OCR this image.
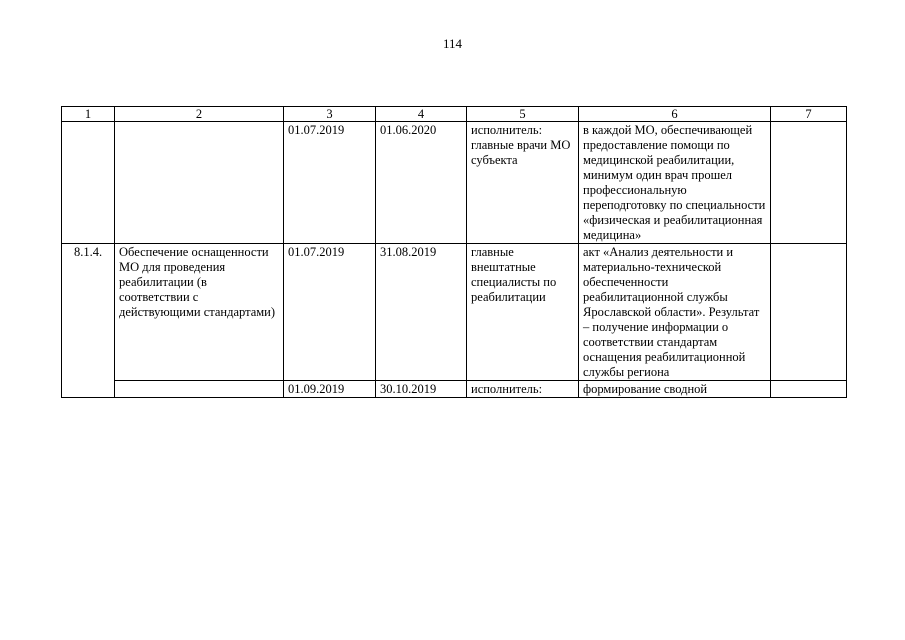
114
1	2	3	4	5	6	7
		01.07.2019	01.06.2020	исполнитель: главные врачи МО субъекта	в каждой МО, обеспечивающей предоставление помощи по медицинской реабилитации, минимум один врач прошел профессиональную переподготовку по специальности «физическая и реабилитационная медицина»	
8.1.4.	Обеспечение оснащенности МО для проведения реабилитации (в соответствии с действующими стандартами)	01.07.2019	31.08.2019	главные внештатные специалисты по реабилитации	акт «Анализ деятельности и материально-технической обеспеченности реабилитационной службы Ярославской области». Результат – получение информации о соответствии стандартам оснащения реабилитационной службы региона	
		01.09.2019	30.10.2019	исполнитель:	формирование сводной	
